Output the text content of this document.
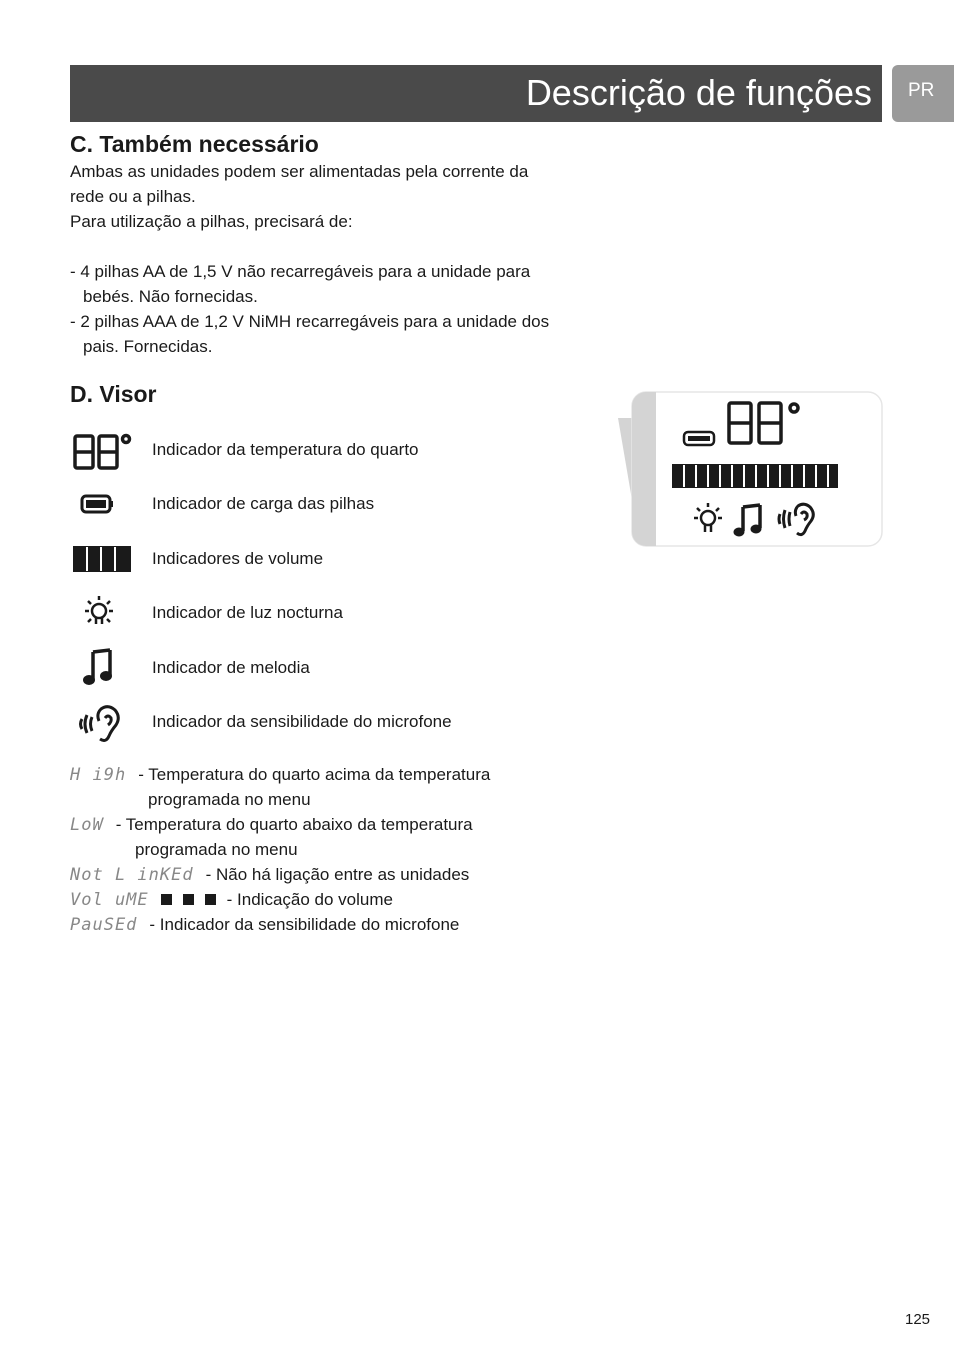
Descrição de funções PR
C. Também necessário

Ambas as unidades podem ser alimentadas pela corrente da

rede ou a pilhas.

Para utilização a pilhas, precisará de:

- 4 pilhas AA de 1,5 V não recarregáveis para a unidade para bebés. Não fornecidas.

- 2 pilhas AAA de 1,2 V NiMH recarregáveis para a unidade dos pais. Fornecidas.

D. Visor
Indicador da temperatura do quarto
Indicador de carga das pilhas
Indicadores de volume
Indicador de luz nocturna
Indicador de melodia
Indicador da sensibilidade do microfone
H i9h - Temperatura do quarto acima da temperatura
programada no menu
LoW - Temperatura do quarto abaixo da temperatura
programada no menu
Not L inKEd - Não há ligação entre as unidades
Vol uME	- Indicação do volume
PauSEd - Indicador da sensibilidade do microfone
125
